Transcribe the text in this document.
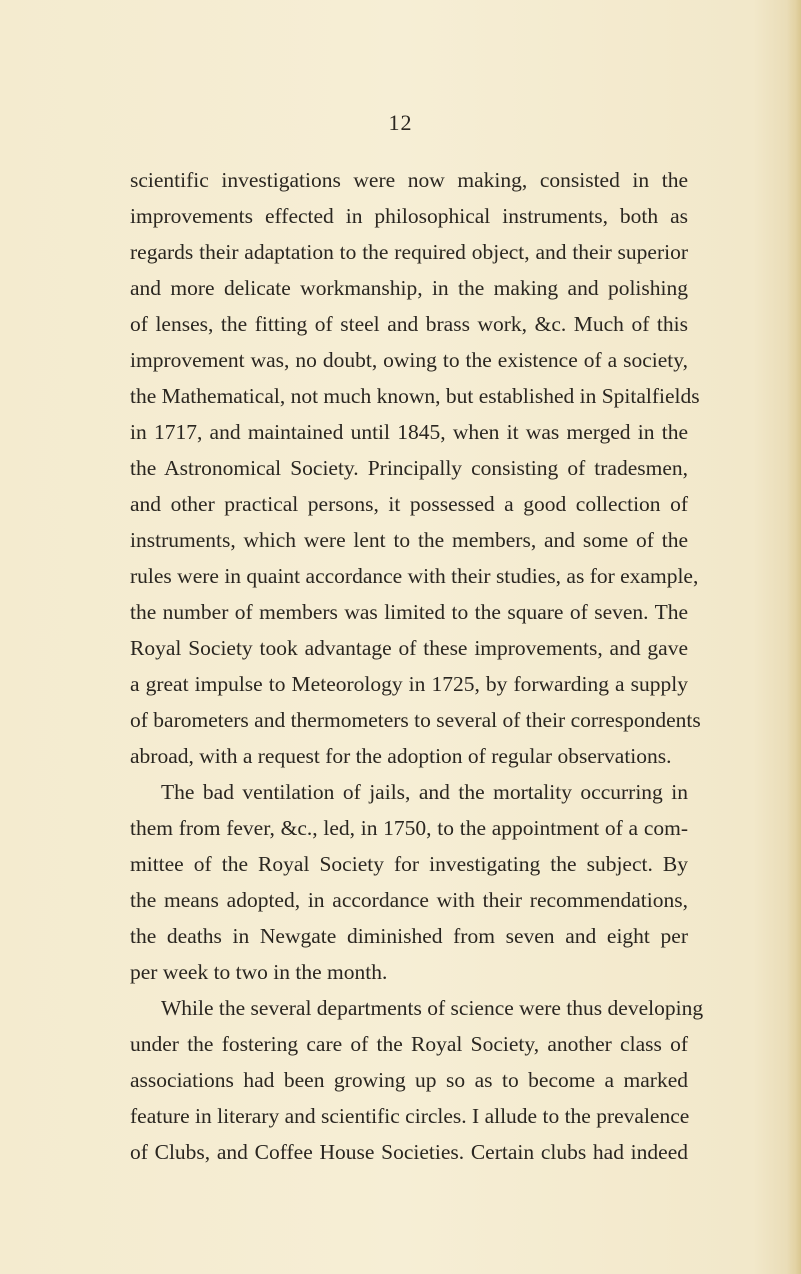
12
scientific investigations were now making, consisted in the
improvements effected in philosophical instruments, both as
regards their adaptation to the required object, and their superior
and more delicate workmanship, in the making and polishing
of lenses, the fitting of steel and brass work, &c. Much of this
improvement was, no doubt, owing to the existence of a society,
the Mathematical, not much known, but established in Spitalfields
in 1717, and maintained until 1845, when it was merged in the
the Astronomical Society. Principally consisting of tradesmen,
and other practical persons, it possessed a good collection of
instruments, which were lent to the members, and some of the
rules were in quaint accordance with their studies, as for example,
the number of members was limited to the square of seven. The
Royal Society took advantage of these improvements, and gave
a great impulse to Meteorology in 1725, by forwarding a supply
of barometers and thermometers to several of their correspondents
abroad, with a request for the adoption of regular observations.
The bad ventilation of jails, and the mortality occurring in
them from fever, &c., led, in 1750, to the appointment of a com-
mittee of the Royal Society for investigating the subject. By
the means adopted, in accordance with their recommendations,
the deaths in Newgate diminished from seven and eight per
per week to two in the month.
While the several departments of science were thus developing
under the fostering care of the Royal Society, another class of
associations had been growing up so as to become a marked
feature in literary and scientific circles. I allude to the prevalence
of Clubs, and Coffee House Societies. Certain clubs had indeed
